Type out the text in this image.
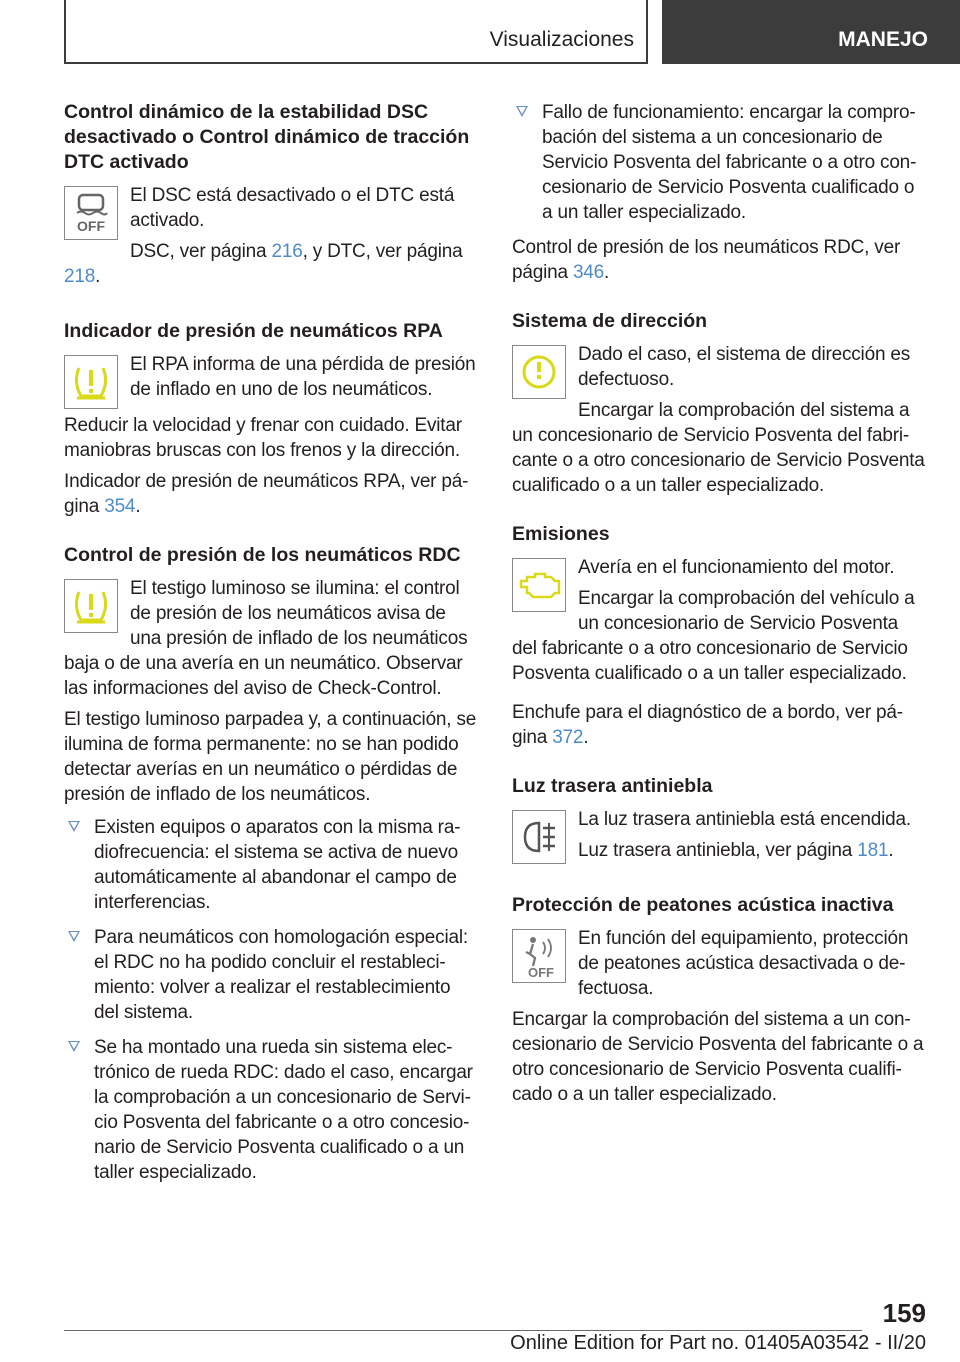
Visualizaciones	MANEJO
Control dinámico de la estabilidad DSC desactivado o Control dinámico de tracción DTC activado
OFF

El DSC está desactivado o el DTC está activado.

DSC, ver página 216, y DTC, ver página 218.

Indicador de presión de neumáticos RPA

El RPA informa de una pérdida de presión de inflado en uno de los neumáticos.

Reducir la velocidad y frenar con cuidado. Evitar maniobras bruscas con los frenos y la dirección.

Indicador de presión de neumáticos RPA, ver página 354.

Control de presión de los neumáticos RDC

El testigo luminoso se ilumina: el control de presión de los neumáticos avisa de una presión de inflado de los neumáticos baja o de una avería en un neumático. Observar las informaciones del aviso de Check-Control.

El testigo luminoso parpadea y, a continuación, se ilumina de forma permanente: no se han podido detectar averías en un neumático o pérdidas de presión de inflado de los neumáticos.

Existen equipos o aparatos con la misma radiofrecuencia: el sistema se activa de nuevo automáticamente al abandonar el campo de interferencias.
Para neumáticos con homologación especial: el RDC no ha podido concluir el restablecimiento: volver a realizar el restablecimiento del sistema.
Se ha montado una rueda sin sistema electrónico de rueda RDC: dado el caso, encargar la comprobación a un concesionario de Servicio Posventa del fabricante o a otro concesionario de Servicio Posventa cualificado o a un taller especializado.
Fallo de funcionamiento: encargar la comprobación del sistema a un concesionario de Servicio Posventa del fabricante o a otro concesionario de Servicio Posventa cualificado o a un taller especializado.

Control de presión de los neumáticos RDC, ver página 346.

Sistema de dirección

Dado el caso, el sistema de dirección es defectuoso.

Encargar la comprobación del sistema a un concesionario de Servicio Posventa del fabricante o a otro concesionario de Servicio Posventa cualificado o a un taller especializado.

Emisiones

Avería en el funcionamiento del motor.

Encargar la comprobación del vehículo a un concesionario de Servicio Posventa del fabricante o a otro concesionario de Servicio Posventa cualificado o a un taller especializado.

Enchufe para el diagnóstico de a bordo, ver página 372.

Luz trasera antiniebla

La luz trasera antiniebla está encendida.

Luz trasera antiniebla, ver página 181.

Protección de peatones acústica inactiva
OFF

En función del equipamiento, protección de peatones acústica desactivada o defectuosa.

Encargar la comprobación del sistema a un concesionario de Servicio Posventa del fabricante o a otro concesionario de Servicio Posventa cualificado o a un taller especializado.

159
Online Edition for Part no. 01405A03542 - II/20
